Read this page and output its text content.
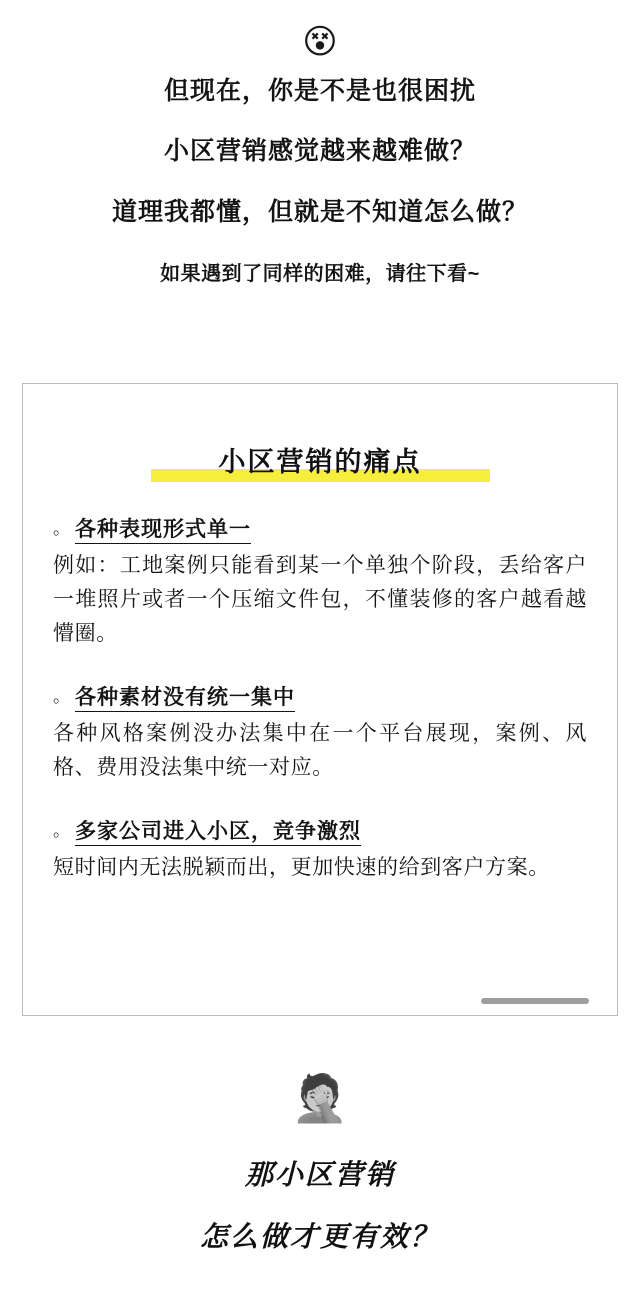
😵

但现在，你是不是也很困扰

小区营销感觉越来越难做？

道理我都懂，但就是不知道怎么做？

如果遇到了同样的困难，请往下看~

小区营销的痛点

。 各种表现形式单一

例如：工地案例只能看到某一个单独个阶段，丢给客户一堆照片或者一个压缩文件包，不懂装修的客户越看越懵圈。

。 各种素材没有统一集中

各种风格案例没办法集中在一个平台展现，案例、风格、费用没法集中统一对应。

。 多家公司进入小区，竞争激烈

短时间内无法脱颖而出，更加快速的给到客户方案。

🤦

那小区营销

怎么做才更有效？
